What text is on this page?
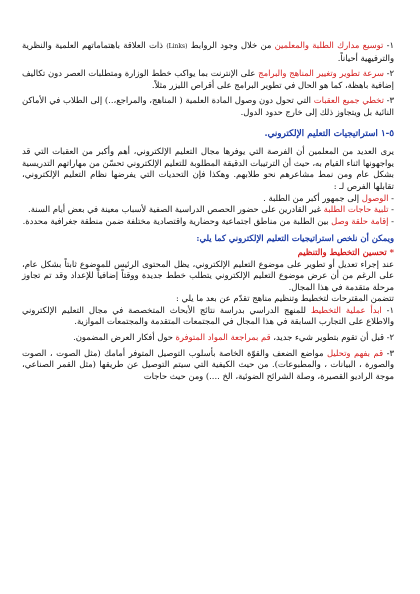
١- توسيع مدارك الطلبة والمعلمين من خلال وجود الروابط (Links) ذات العلاقة باهتماماتهم العلمية والنظرية والترفيهية أحياناً.

٢- سرعة تطوير وتغيير المناهج والبرامج على الإنترنت بما يواكب خطط الوزارة ومتطلبات العصر دون تكاليف إضافية باهظة، كما هو الحال في تطوير البرامج على أقراص الليزر مثلاً.

٣- تخطي جميع العقبات التي تحول دون وصول المادة العلمية ( المناهج، والمراجع،..) إلى الطلاب في الأماكن النائية بل ويتجاوز ذلك إلى خارج حدود الدول.

٥-١ استراتيجيات التعليم الإلكتروني.

يرى العديد من المعلمين أن الفرصة التي يوفرها مجال التعليم الإلكتروني، أهم وأكبر من العقبات التي قد يواجهونها اثناء القيام به، حيث أن الترتيبات الدقيقة المطلوبة للتعليم الإلكتروني تحسّن من مهاراتهم التدريسية بشكل عام ومن نمط مشاعرهم نحو طلابهم. وهكذا فإن التحديات التي يفرضها نظام التعليم الإلكتروني، تقابلها الفرص لـ :

- الوصول إلى جمهور أكبر من الطلبة .

- تلبية حاجات الطلبة غير القادرين على حضور الحصص الدراسية الصفية لأسباب معينة في بعض أيام السنة.

- إقامة حلقة وصل بين الطلبة من مناطق اجتماعية وحضارية واقتصادية مختلفة ضمن منطقة جغرافية محددة.

ويمكن أن نلخص استراتيجيات التعليم الإلكتروني كما يلي:

* تحسين التخطيط والتنظيم

عند إجراء تعديل أو تطوير على موضوع التعليم الإلكتروني، يظل المحتوى الرئيس للموضوع ثابتاً بشكل عام، على الرغم من أن عرض موضوع التعليم الإلكتروني يتطلب خطط جديدة ووقتاً إضافياً للإعداد وقد تم تجاوز مرحلة متقدمة في هذا المجال.

تتضمن المقترحات لتخطيط وتنظيم مناهج تقدّم عن بعد ما يلي :

١- ابدأ عملية التخطيط للمنهج الدراسي بدراسة نتائج الأبحاث المتخصصة في مجال التعليم الإلكتروني والاطلاع على التجارب السابقة في هذا المجال في المجتمعات المتقدمة والمجتمعات الموازية.

٢- قبل أن تقوم بتطوير شيء جديد، قم بمراجعة المواد المتوفرة حول أفكار العرض المضمون.

٣- قم بفهم وتحليل مواضع الضعف والقوّة الخاصة بأسلوب التوصيل المتوفر أمامك (مثل الصوت ، الصوت والصورة ، البيانات ، والمطبوعات). من حيث الكيفية التي سيتم التوصيل عن طريقها (مثل القمر الصناعي، موجة الراديو القصيرة، وصلة الشرائح الضوئية، الخ ....) ومن حيث حاجات
